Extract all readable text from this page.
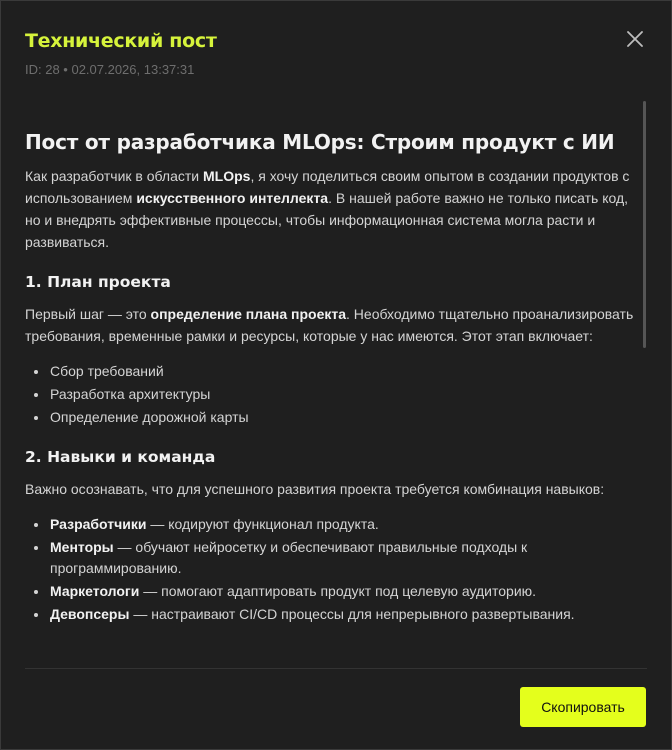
Технический пост
ID: 28 • 02.07.2026, 13:37:31
Пост от разработчика MLOps: Строим продукт с ИИ

Как разработчик в области MLOps, я хочу поделиться своим опытом в создании продуктов с использованием искусственного интеллекта. В нашей работе важно не только писать код, но и внедрять эффективные процессы, чтобы информационная система могла расти и развиваться.

1. План проекта

Первый шаг — это определение плана проекта. Необходимо тщательно проанализировать требования, временные рамки и ресурсы, которые у нас имеются. Этот этап включает:

• Сбор требований
• Разработка архитектуры
• Определение дорожной карты
2. Навыки и команда

Важно осознавать, что для успешного развития проекта требуется комбинация навыков:

• Разработчики — кодируют функционал продукта.
• Менторы — обучают нейросетку и обеспечивают правильные подходы к программированию.
• Маркетологи — помогают адаптировать продукт под целевую аудиторию.
• Девопсеры — настраивают CI/CD процессы для непрерывного развертывания.
Скопировать
